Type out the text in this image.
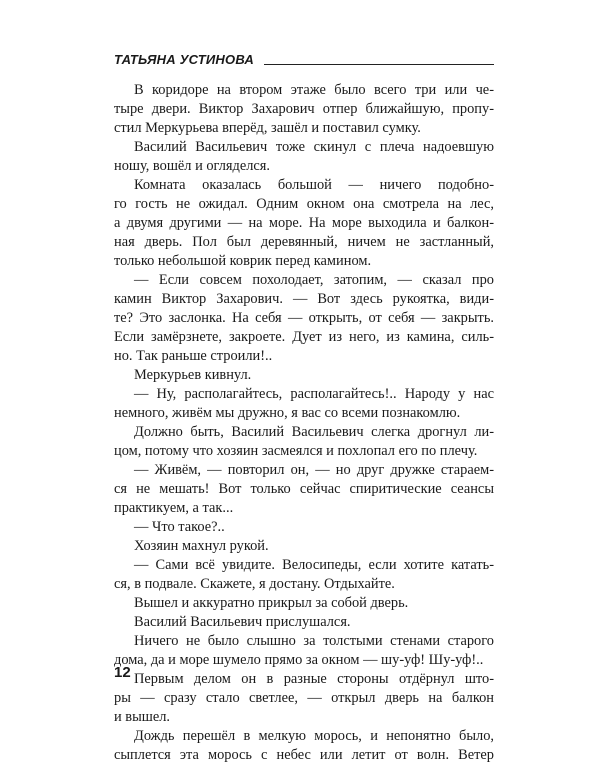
ТАТЬЯНА УСТИНОВА
В коридоре на втором этаже было всего три или че-
тыре двери. Виктор Захарович отпер ближайшую, пропу-
стил Меркурьева вперёд, зашёл и поставил сумку.
Василий Васильевич тоже скинул с плеча надоевшую
ношу, вошёл и огляделся.
Комната оказалась большой — ничего подобно-
го гость не ожидал. Одним окном она смотрела на лес,
а двумя другими — на море. На море выходила и балкон-
ная дверь. Пол был деревянный, ничем не застланный,
только небольшой коврик перед камином.
— Если совсем похолодает, затопим, — сказал про
камин Виктор Захарович. — Вот здесь рукоятка, види-
те? Это заслонка. На себя — открыть, от себя — закрыть.
Если замёрзнете, закроете. Дует из него, из камина, силь-
но. Так раньше строили!..
Меркурьев кивнул.
— Ну, располагайтесь, располагайтесь!.. Народу у нас
немного, живём мы дружно, я вас со всеми познакомлю.
Должно быть, Василий Васильевич слегка дрогнул ли-
цом, потому что хозяин засмеялся и похлопал его по плечу.
— Живём, — повторил он, — но друг дружке стараем-
ся не мешать! Вот только сейчас спиритические сеансы
практикуем, а так...
— Что такое?..
Хозяин махнул рукой.
— Сами всё увидите. Велосипеды, если хотите катать-
ся, в подвале. Скажете, я достану. Отдыхайте.
Вышел и аккуратно прикрыл за собой дверь.
Василий Васильевич прислушался.
Ничего не было слышно за толстыми стенами старого
дома, да и море шумело прямо за окном — шу-уф! Шу-уф!..
Первым делом он в разные стороны отдёрнул што-
ры — сразу стало светлее, — открыл дверь на балкон
и вышел.
Дождь перешёл в мелкую морось, и непонятно было,
сыплется эта морось с небес или летит от волн. Ветер
12
